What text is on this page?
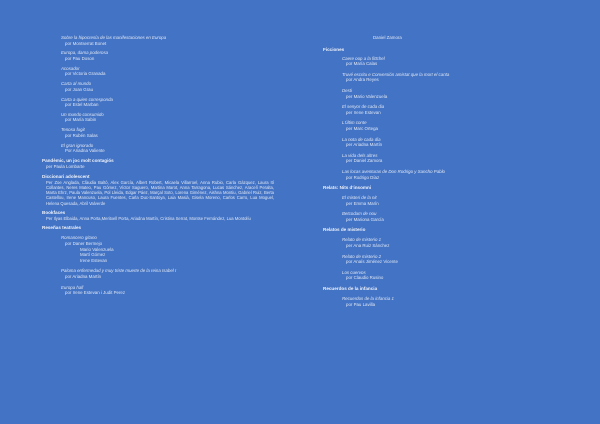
Sobre la hipocresía de las manifestaciones en Europa
por Montserrat Bonet
Europa, dama poderosa
por Pau Doson
Acosador
por Victoria Granada
Carta al mundo
por Joan Grau
Carta a quien corresponda
por Estel Marban
Un mundo consumido
por María Sabin
Tenosa fugit
por Rubén Salas
El gran ignorado
Por Ariadna Valiente
Pandèmic, un joc molt contagiós
per Paula Lombarte
Diccionari adolescent
Per Zoe Anglada, Clàudia Baltó, Alex García, Albert Robert, Micaela Villarroel, Anna Rubio, Carla Gázquez, Laura Ití Collantes, Neres Mateo, Pau Gómez, Víctor Saguero, Martina Marot, Anna Tarragona, Lucas Sánchez, Aracelí Peralta, Marta Ehrz, Paula Valenzuela, Pol Lleida, Edgar Páez, Marçal Soto, Lorena Giménez, Aishna Montiu, Gabriel Ruiz, Berta Castellou, Irene Mancuso, Laura Fuentes, Carla Duc-Santoya, Laia Masià, Gisela Moreno, Carlos Carro, Lua Moguel, Helena Quesada, Abril Valverde
Bookfaces
Per Ilyas Elbaida, Anna Porta,Meritxell Porta, Ariadna Martín, Cristina Serrat, Montse Fernández, Lua Montolíu
Reseñas teatrales
Romancero gitano
por Daner Bermejo
Mario Valenzuela
Martí Gómez
Irene Estevan
Paloma enfermedad y muy triste muerte de la reina Isabel I
por Ariadna Martín
Europa hall
por Irene Estevan i Judit Perez
Daniel Zamora
Ficciones
Caere oop a la fittchel
por María Calas
Truvé escritu e Conversión amistat que la mort el canta
por Andra Reyes
Desti
per Mario Valenzuela
El senyor de cada dia
per Irene Estevan
L'últim conte
per Marc Ortega
La nota de cada dia
per Ariadna Martín
La vida dels altres
per Daniel Zamora
Las locas aventuras de Don Rodrigo y Sancho Pablo
por Rodrigo Díaz
Relats: Nits d'insomni
El misteri de la nit
per Emma Marín
Betcodam de nou
per Mariona García
Relatos de misterio
Relato de misterio 1
per Ana Ruiz Sánchez
Relato de misterio 2
por Anaís Jiménez Vicente
Los cuervos
por Claudio Rusino
Recuerdos de la infancia
Recuerdos de la infancia 1
por Pau Lavilla
